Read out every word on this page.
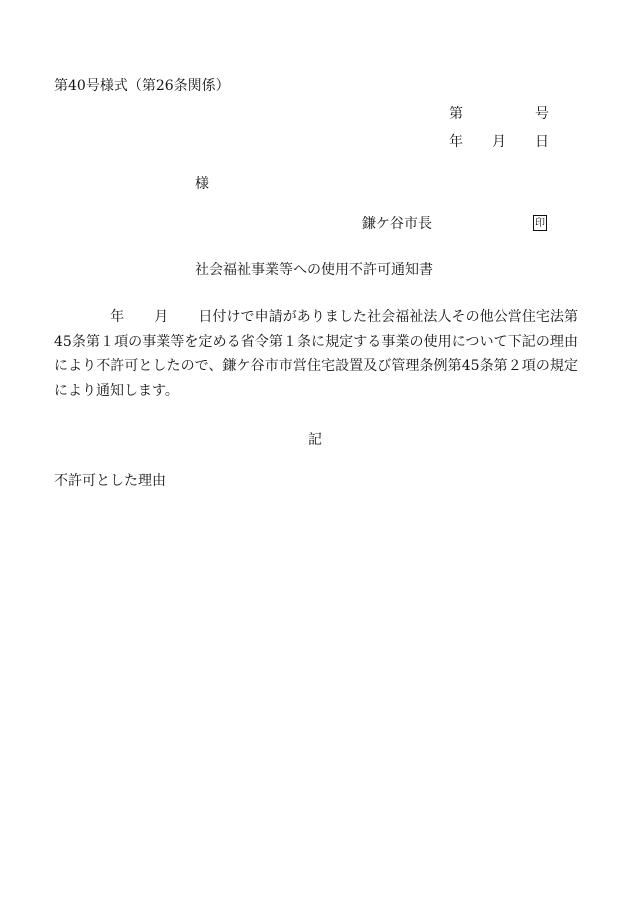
第40号様式（第26条関係）
第	号
年 月 日
様
鎌ケ谷市長	印
社会福祉事業等への使用不許可通知書
年 月 日付けで申請がありました社会福祉法人その他公営住宅法第45条第１項の事業等を定める省令第１条に規定する事業の使用について下記の理由により不許可としたので、鎌ケ谷市市営住宅設置及び管理条例第45条第２項の規定により通知します。
記
不許可とした理由
